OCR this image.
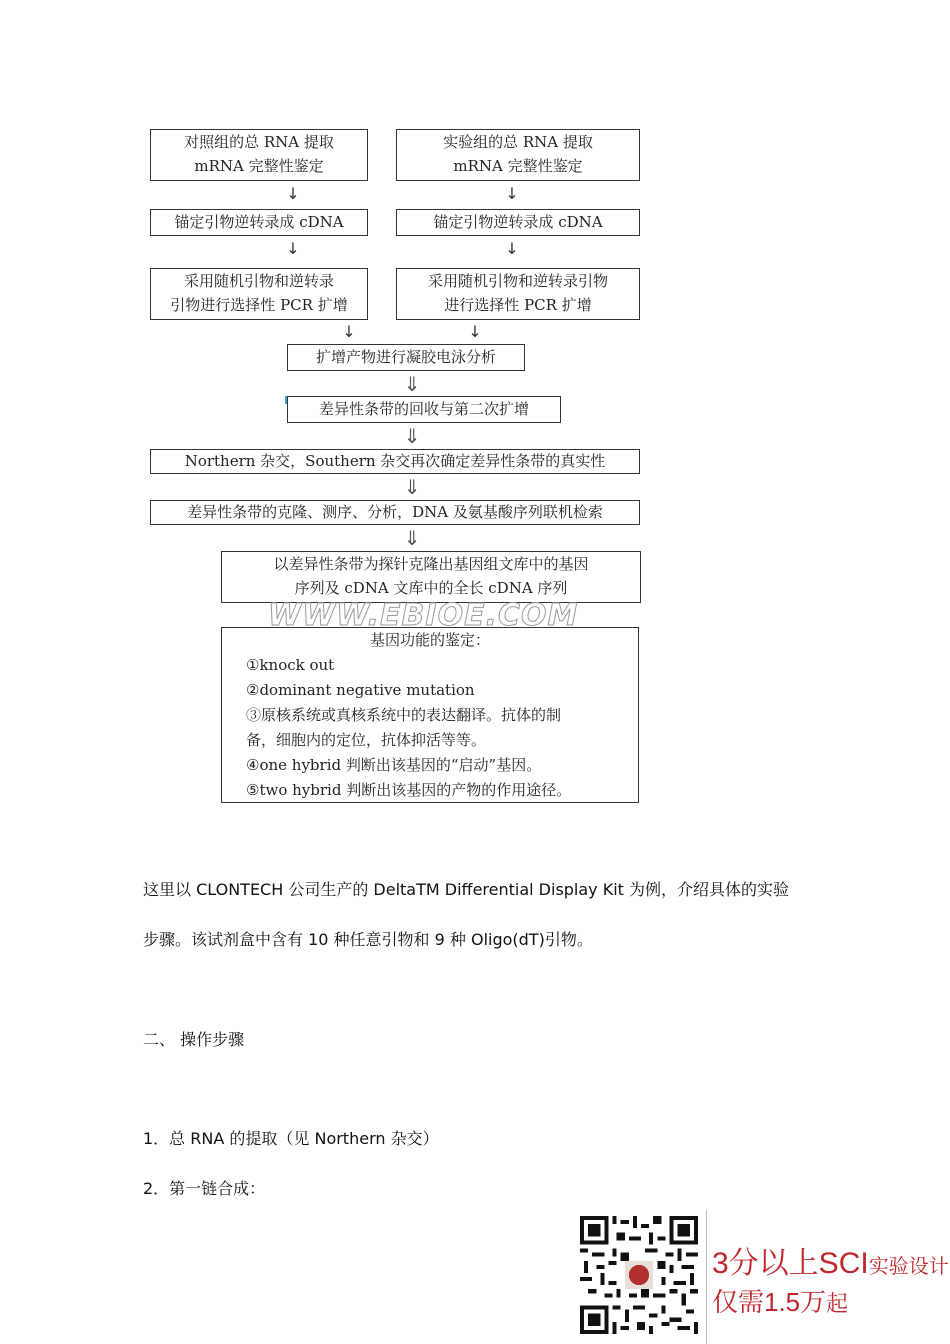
对照组的总 RNA 提取
mRNA 完整性鉴定
实验组的总 RNA 提取
mRNA 完整性鉴定
↓	↓
锚定引物逆转录成 cDNA	锚定引物逆转录成 cDNA
↓	↓
采用随机引物和逆转录
引物进行选择性 PCR 扩增
采用随机引物和逆转录引物
进行选择性 PCR 扩增
↓	↓
扩增产物进行凝胶电泳分析
⇓
差异性条带的回收与第二次扩增
⇓
Northern 杂交，Southern 杂交再次确定差异性条带的真实性
⇓
差异性条带的克隆、测序、分析，DNA 及氨基酸序列联机检索
⇓
以差异性条带为探针克隆出基因组文库中的基因
序列及 cDNA 文库中的全长 cDNA 序列
基因功能的鉴定：
①knock out
②dominant negative mutation
③原核系统或真核系统中的表达翻译。抗体的制
备，细胞内的定位，抗体抑活等等。
④one hybrid 判断出该基因的“启动”基因。
⑤two hybrid 判断出该基因的产物的作用途径。
WWW.EBIOE.COM
这里以 CLONTECH 公司生产的 DeltaTM Differential Display Kit 为例，介绍具体的实验
步骤。该试剂盒中含有 10 种任意引物和 9 种 Oligo(dT)引物。
二、 操作步骤
1．总 RNA 的提取（见 Northern 杂交）
2．第一链合成：
3分以上SCI实验设计
仅需1.5万起
